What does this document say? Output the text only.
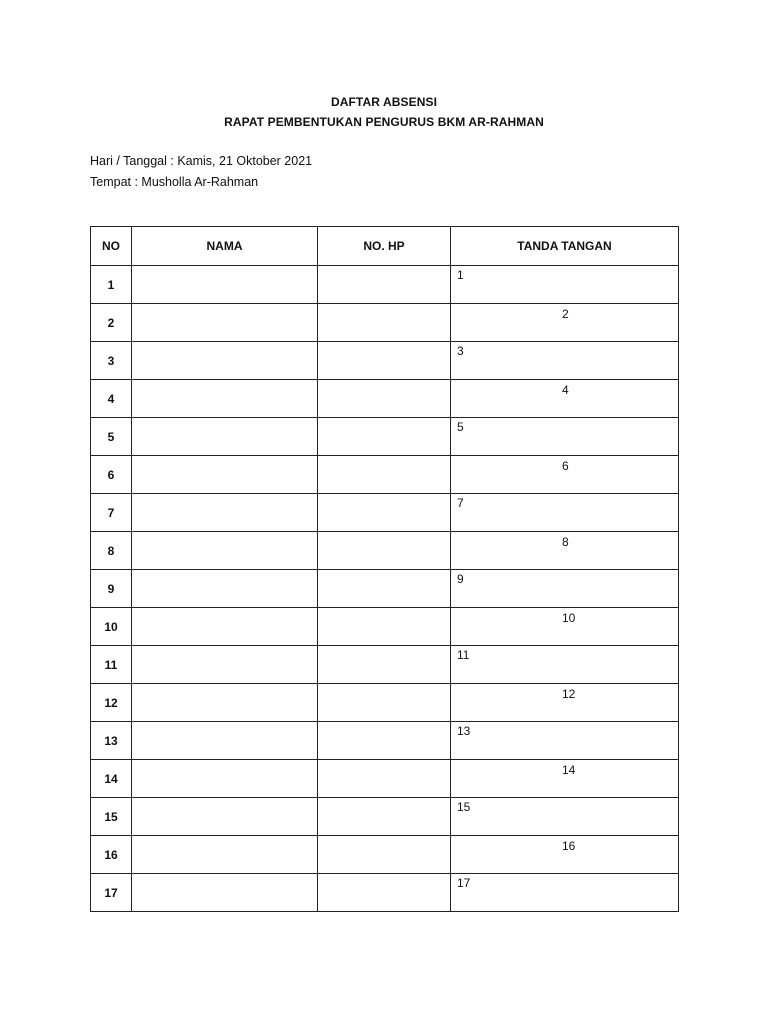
DAFTAR ABSENSI
RAPAT PEMBENTUKAN PENGURUS BKM AR-RAHMAN
Hari / Tanggal : Kamis, 21 Oktober 2021
Tempat : Musholla Ar-Rahman
NO	NAMA	NO. HP	TANDA TANGAN
1			1

2			2

3			3

4			4

5			5

6			6

7			7

8			8

9			9

10			10

11			11

12			12

13			13

14			14

15			15

16			16

17			17
